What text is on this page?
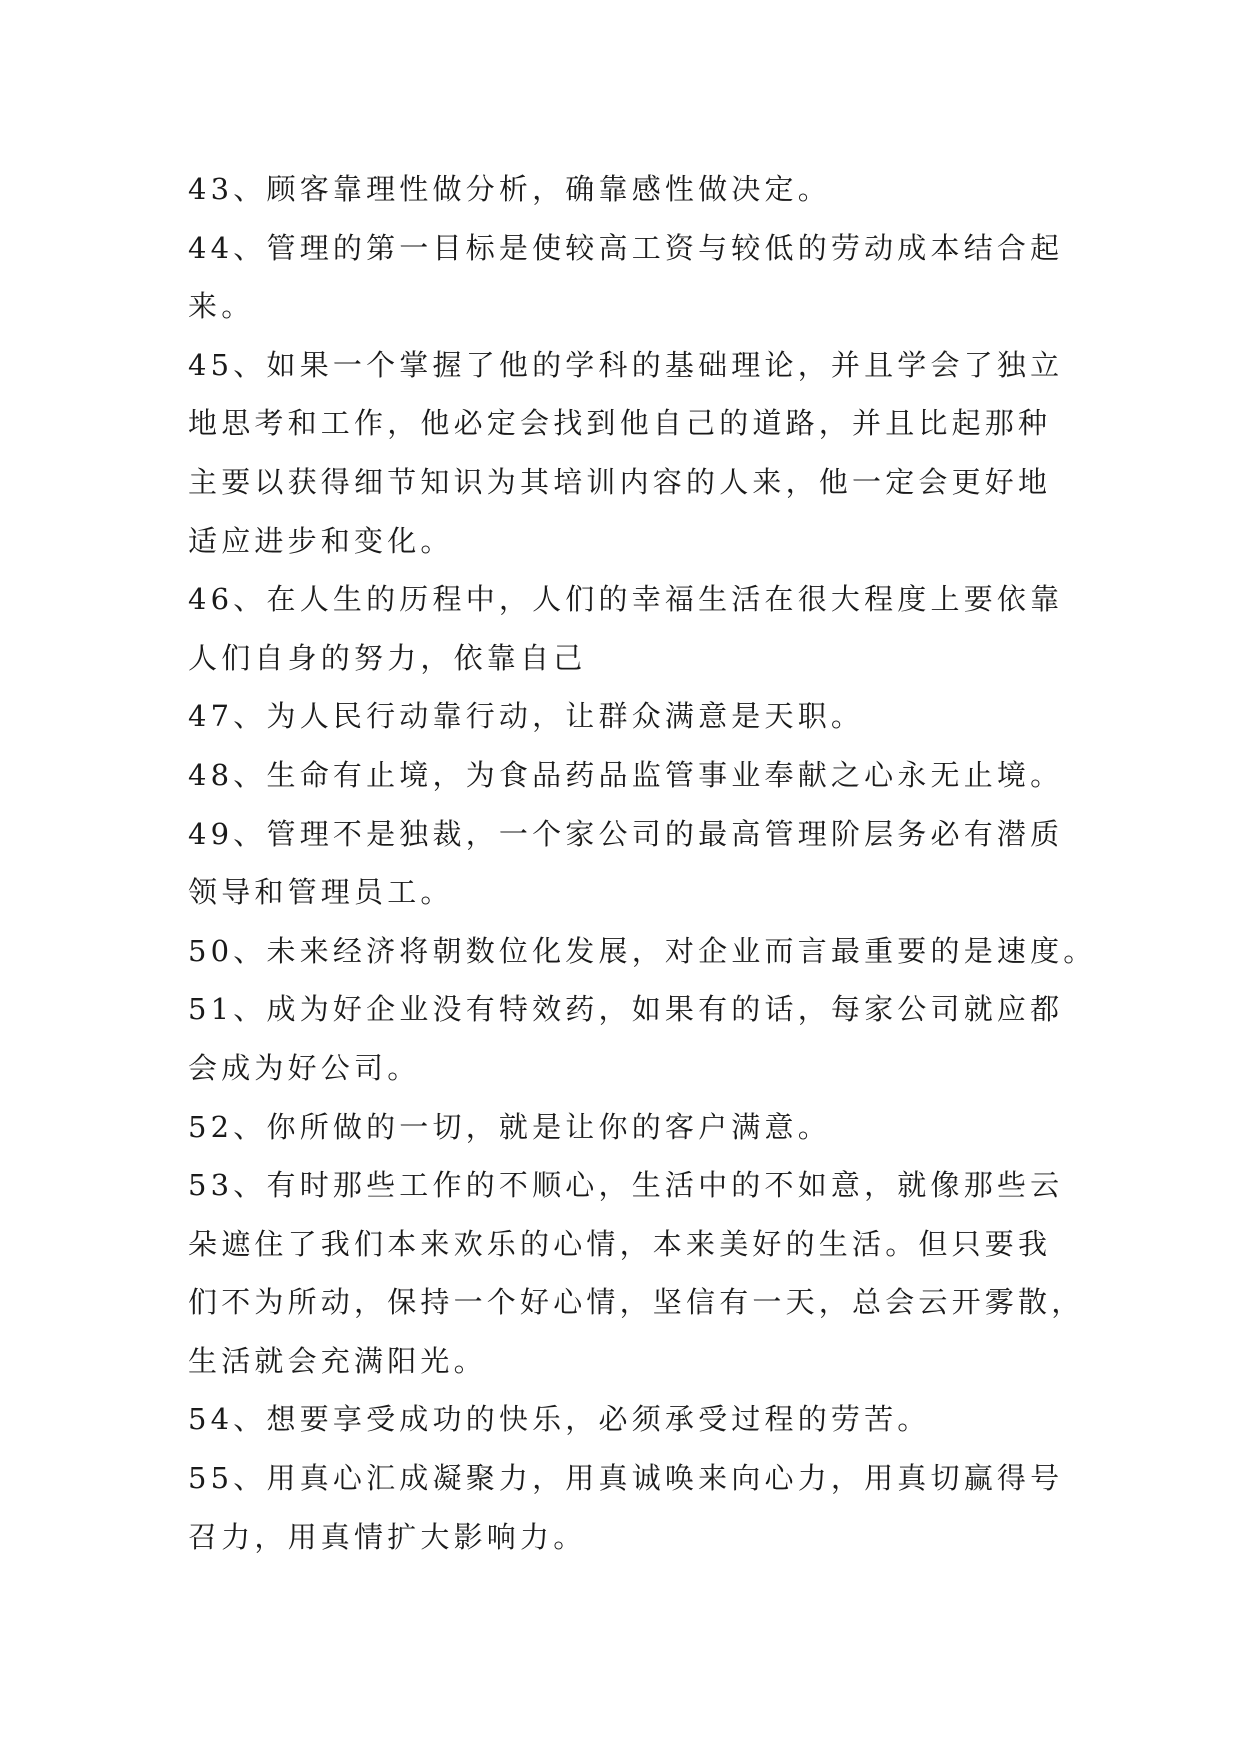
43、顾客靠理性做分析，确靠感性做决定。
44、管理的第一目标是使较高工资与较低的劳动成本结合起
来。
45、如果一个掌握了他的学科的基础理论，并且学会了独立
地思考和工作，他必定会找到他自己的道路，并且比起那种
主要以获得细节知识为其培训内容的人来，他一定会更好地
适应进步和变化。
46、在人生的历程中，人们的幸福生活在很大程度上要依靠
人们自身的努力，依靠自己
47、为人民行动靠行动，让群众满意是天职。
48、生命有止境，为食品药品监管事业奉献之心永无止境。
49、管理不是独裁，一个家公司的最高管理阶层务必有潜质
领导和管理员工。
50、未来经济将朝数位化发展，对企业而言最重要的是速度。
51、成为好企业没有特效药，如果有的话，每家公司就应都
会成为好公司。
52、你所做的一切，就是让你的客户满意。
53、有时那些工作的不顺心，生活中的不如意，就像那些云
朵遮住了我们本来欢乐的心情，本来美好的生活。但只要我
们不为所动，保持一个好心情，坚信有一天，总会云开雾散，
生活就会充满阳光。
54、想要享受成功的快乐，必须承受过程的劳苦。
55、用真心汇成凝聚力，用真诚唤来向心力，用真切赢得号
召力，用真情扩大影响力。
